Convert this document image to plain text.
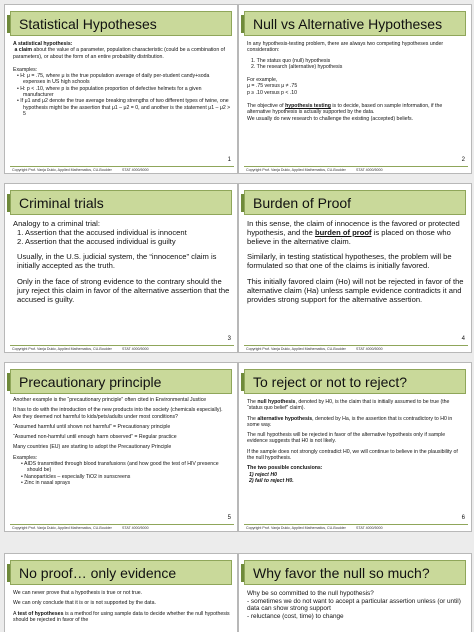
Statistical Hypotheses
A statistical hypothesis:
a claim about the value of a parameter, population characteristic (could be a combination of parameters), or about the form of an entire probability distribution.
Examples:
• H: μ = .75, where μ is the true population average of daily per-student candy+soda expenses in US high schools
• H: p < .10, where p is the population proportion of defective helmets for a given manufacturer
• If μ1 and μ2 denote the true average breaking strengths of two different types of twine, one hypothesis might be the assertion that μ1 – μ2 = 0, and another is the statement μ1 – μ2 > 5
Copyright Prof. Vanja Dukic, Applied Mathematics, CU-Boulder	STAT 4000/5000
1
Null vs Alternative Hypotheses
In any hypothesis-testing problem, there are always two competing hypotheses under consideration:
1. The status quo (null) hypothesis
2. The research (alternative) hypothesis
For example,
μ = .75 versus μ ≠ .75
p ≥ .10 versus p < .10
The objective of hypothesis testing is to decide, based on sample information, if the alternative hypothesis is actually supported by the data.
We usually do new research to challenge the existing (accepted) beliefs.
Copyright Prof. Vanja Dukic, Applied Mathematics, CU-Boulder	STAT 4000/5000
2
Criminal trials
Analogy to a criminal trial:
1. Assertion that the accused individual is innocent
2. Assertion that the accused individual is guilty
Usually, in the U.S. judicial system, the “innocence” claim is initially accepted as the truth.
Only in the face of strong evidence to the contrary should the jury reject this claim in favor of the alternative assertion that the accused is guilty.
Copyright Prof. Vanja Dukic, Applied Mathematics, CU-Boulder	STAT 4000/5000
3
Burden of Proof
In this sense, the claim of innocence is the favored or protected hypothesis, and the burden of proof is placed on those who believe in the alternative claim.
Similarly, in testing statistical hypotheses, the problem will be formulated so that one of the claims is initially favored.
This initially favored claim (Ho) will not be rejected in favor of the alternative claim (Ha) unless sample evidence contradicts it and provides strong support for the alternative assertion.
Copyright Prof. Vanja Dukic, Applied Mathematics, CU-Boulder	STAT 4000/5000
4
Precautionary principle
Another example is the “precautionary principle” often cited in Environmental Justice
It has to do with the introduction of the new products into the society (chemicals especially). Are they deemed not harmful to kids/pets/adults under most conditions?
“Assumed harmful until shown not harmful” = Precautionary principle
“Assumed non-harmful until enough harm observed” = Regular practice
Many countries (EU) are starting to adopt the Precautionary Principle
Examples:
• AIDS transmitted through blood transfusions (and how good the test of HIV presence should be)
• Nanoparticles – especially TiO2 in sunscreens
• Zinc in nasal sprays
Copyright Prof. Vanja Dukic, Applied Mathematics, CU-Boulder	STAT 4000/5000
5
To reject or not to reject?
The null hypothesis, denoted by H0, is the claim that is initially assumed to be true (the “status quo belief” claim).
The alternative hypothesis, denoted by Ha, is the assertion that is contradictory to H0 in some way.
The null hypothesis will be rejected in favor of the alternative hypothesis only if sample evidence suggests that H0 is not likely.
If the sample does not strongly contradict H0, we will continue to believe in the plausibility of the null hypothesis.
The two possible conclusions:
1) reject H0
2) fail to reject H0.
Copyright Prof. Vanja Dukic, Applied Mathematics, CU-Boulder	STAT 4000/5000
6
No proof… only evidence
We can never prove that a hypothesis is true or not true.
We can only conclude that it is or is not supported by the data.
A test of hypotheses is a method for using sample data to decide whether the null hypothesis should be rejected in favor of the
Why favor the null so much?
Why be so committed to the null hypothesis?
- sometimes we do not want to accept a particular assertion unless (or until) data can show strong support
- reluctance (cost, time) to change
